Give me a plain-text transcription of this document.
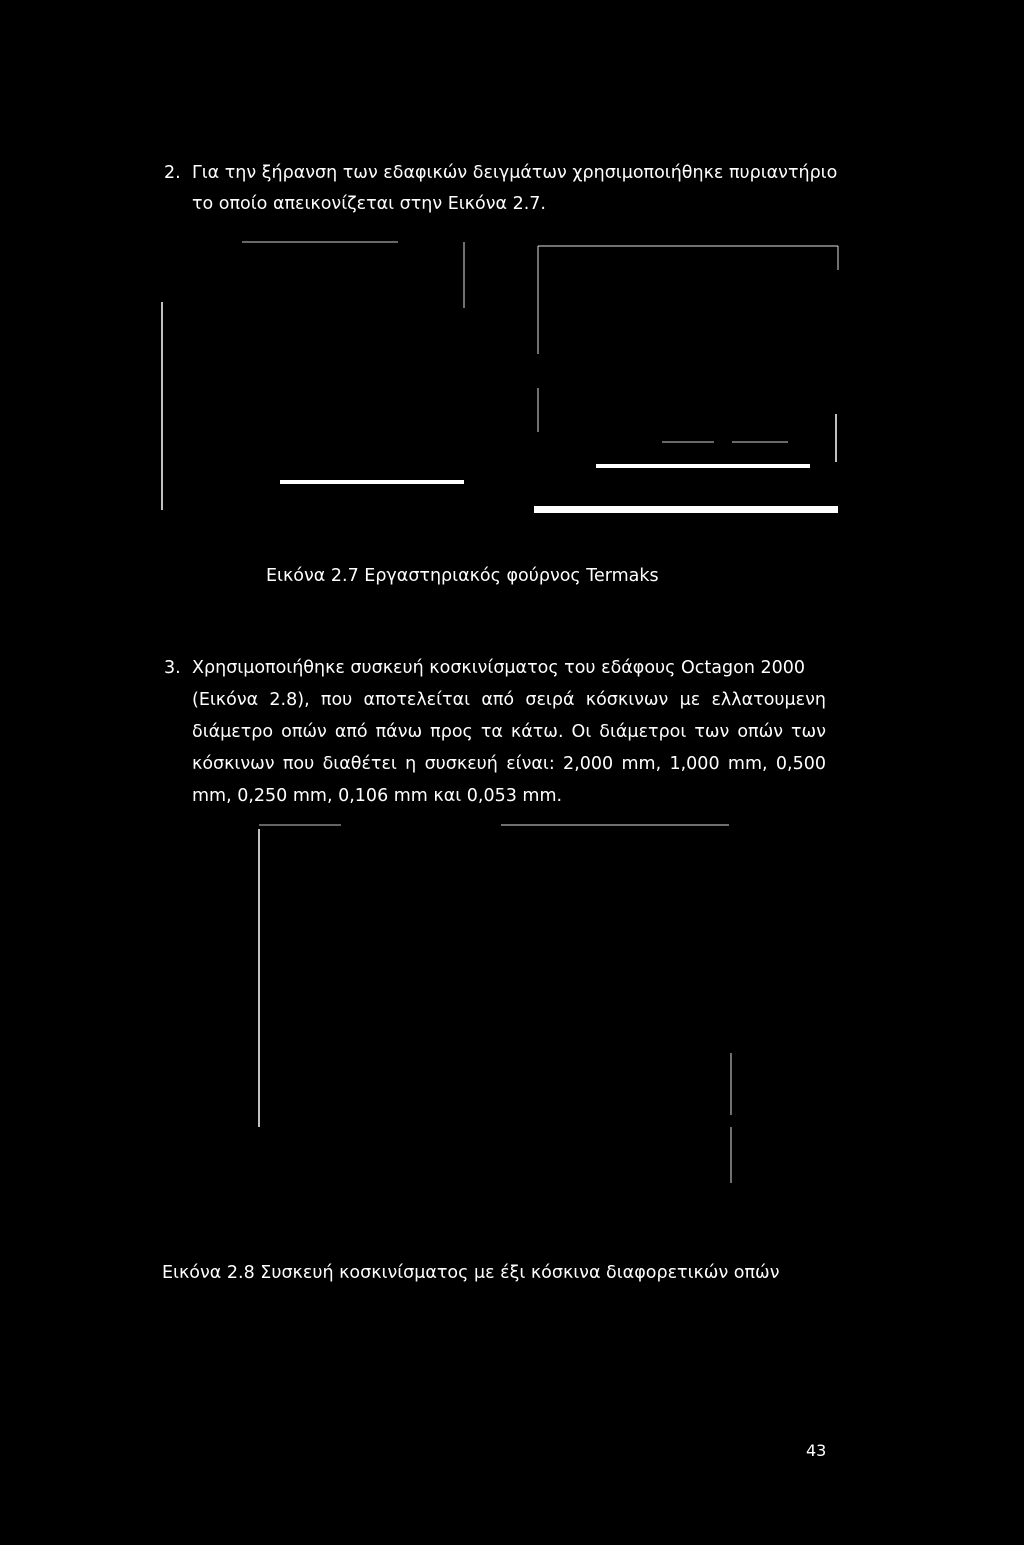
2. Για την ξήρανση των εδαφικών δειγμάτων χρησιμοποιήθηκε πυριαντήριο
το οποίο απεικονίζεται στην Εικόνα 2.7.
Εικόνα 2.7 Εργαστηριακός φούρνος Termaks
3. Χρησιμοποιήθηκε συσκευή κοσκινίσματος του εδάφους Octagon 2000
(Εικόνα 2.8), που αποτελείται από σειρά κόσκινων με ελλατουμενη
διάμετρο οπών από πάνω προς τα κάτω. Οι διάμετροι των οπών των
κόσκινων που διαθέτει η συσκευή είναι: 2,000 mm, 1,000 mm, 0,500
mm, 0,250 mm, 0,106 mm και 0,053 mm.
Εικόνα 2.8 Συσκευή κοσκινίσματος με έξι κόσκινα διαφορετικών οπών
43
